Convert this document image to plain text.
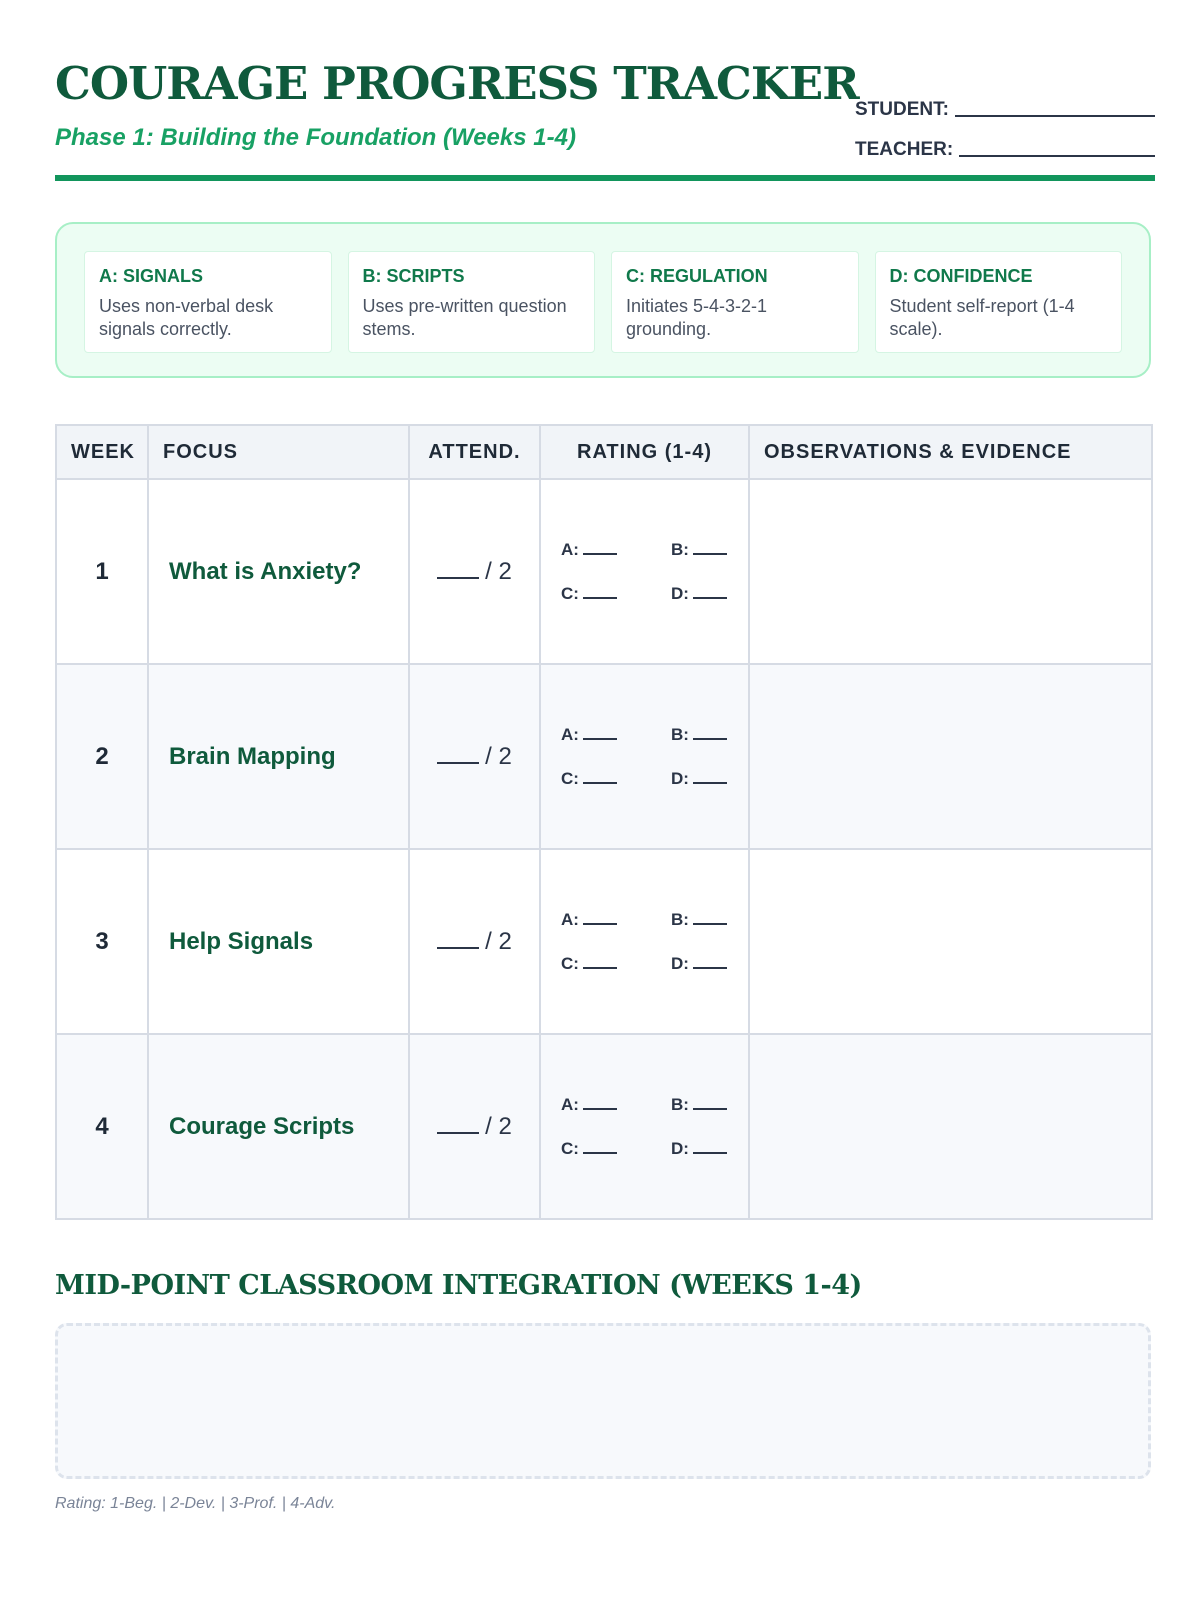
COURAGE PROGRESS TRACKER
Phase 1: Building the Foundation (Weeks 1-4)
STUDENT:
TEACHER:
A: SIGNALS
Uses non-verbal desk signals correctly.
B: SCRIPTS
Uses pre-written question stems.
C: REGULATION
Initiates 5-4-3-2-1 grounding.
D: CONFIDENCE
Student self-report (1-4 scale).
WEEK	FOCUS	ATTEND.	RATING (1-4)	OBSERVATIONS & EVIDENCE
1	What is Anxiety?	/ 2	A: B:
C: D:	

2	Brain Mapping	/ 2	A: B:
C: D:	

3	Help Signals	/ 2	A: B:
C: D:	

4	Courage Scripts	/ 2	A: B:
C: D:	

MID-POINT CLASSROOM INTEGRATION (WEEKS 1-4)
Rating: 1-Beg. | 2-Dev. | 3-Prof. | 4-Adv.
